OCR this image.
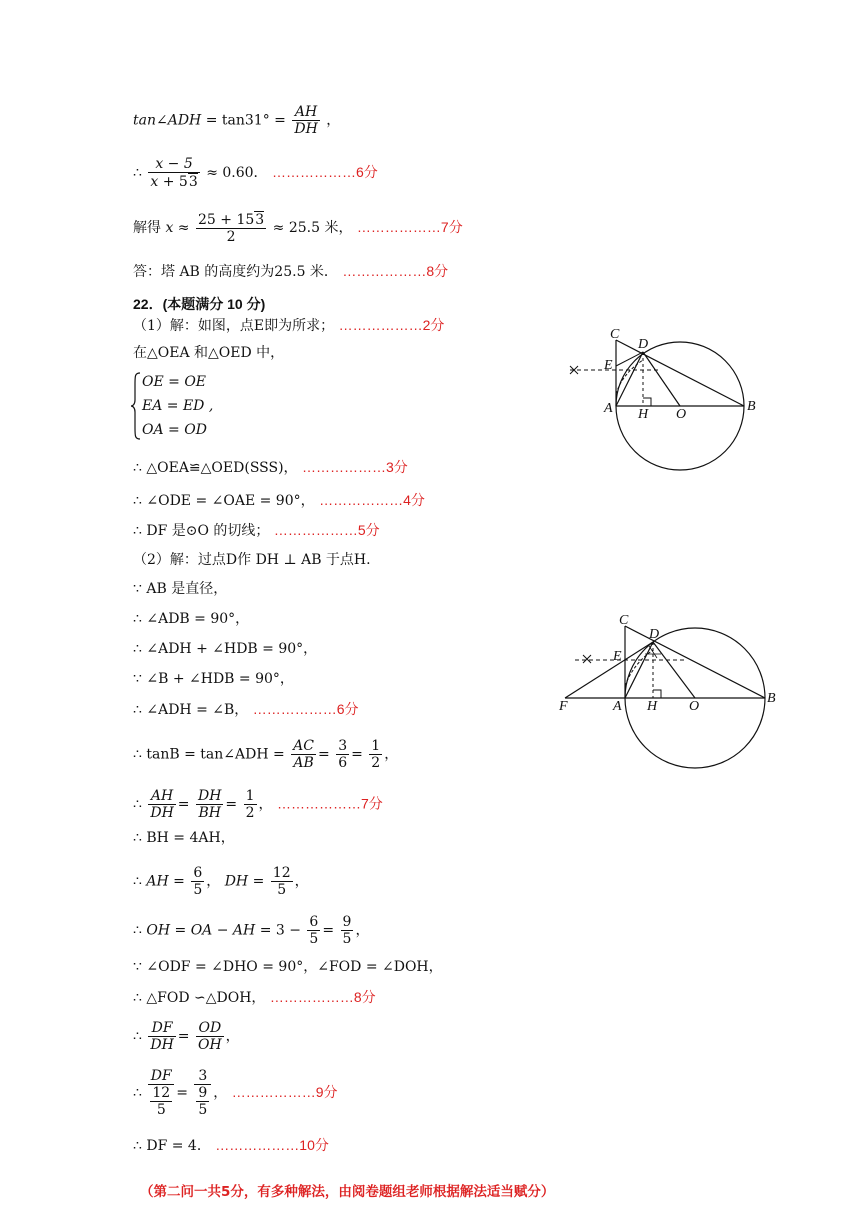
tan∠ADH = $\tan 31^\circ = \frac{AH}{DH}$ ，
∴ $\frac{x - 5}{x + 53} \approx 0.60$． ………………6分
解得 $x \approx \frac{25 + 153}{2} \approx 25.5$ 米， ………………7分
答：塔 AB 的高度约为25.5 米． ………………8分
22．(本题满分 10 分)
（1）解：如图，点E即为所求； ………………2分
在△OEA 和△OED 中，
OE = OE
EA = ED ,
OA = OD
∴ △OEA≌△OED(SSS)， ………………3分
∴ ∠ODE = ∠OAE = 90°， ………………4分
∴ DF 是⊙O 的切线； ………………5分
（2）解：过点D作 DH ⊥ AB 于点H.
∵ AB 是直径，
∴ ∠ADB = 90°，
∴ ∠ADH + ∠HDB = 90°，
∵ ∠B + ∠HDB = 90°，
∴ ∠ADH = ∠B， ………………6分
∴ tanB = tan∠ADH = $\frac{AC}{AB} = \frac{3}{6} = \frac{1}{2}$ ，
∴ $\frac{AH}{DH} = \frac{DH}{BH} = \frac{1}{2}$ ， ………………7分
∴ BH = 4AH，
∴ AH = $\frac{6}{5}$ ， DH = $\frac{12}{5}$ ，
∴ OH = OA − AH = $3 - \frac{6}{5} = \frac{9}{5}$ ，
∵ ∠ODF = ∠DHO = 90°，∠FOD = ∠DOH，
∴ △FOD ∽△DOH， ………………8分
∴ $\frac{DF}{DH} = \frac{OD}{OH}$ ，
∴ $\frac{DF}{\frac{12}{5}} = \frac{3}{\frac{9}{5}}$ ， ………………9分
∴ DF = 4． ………………10分
（第二问一共5分，有多种解法，由阅卷题组老师根据解法适当赋分）
C
D
E
A H O
B
C
D
E
F	A H O
B
